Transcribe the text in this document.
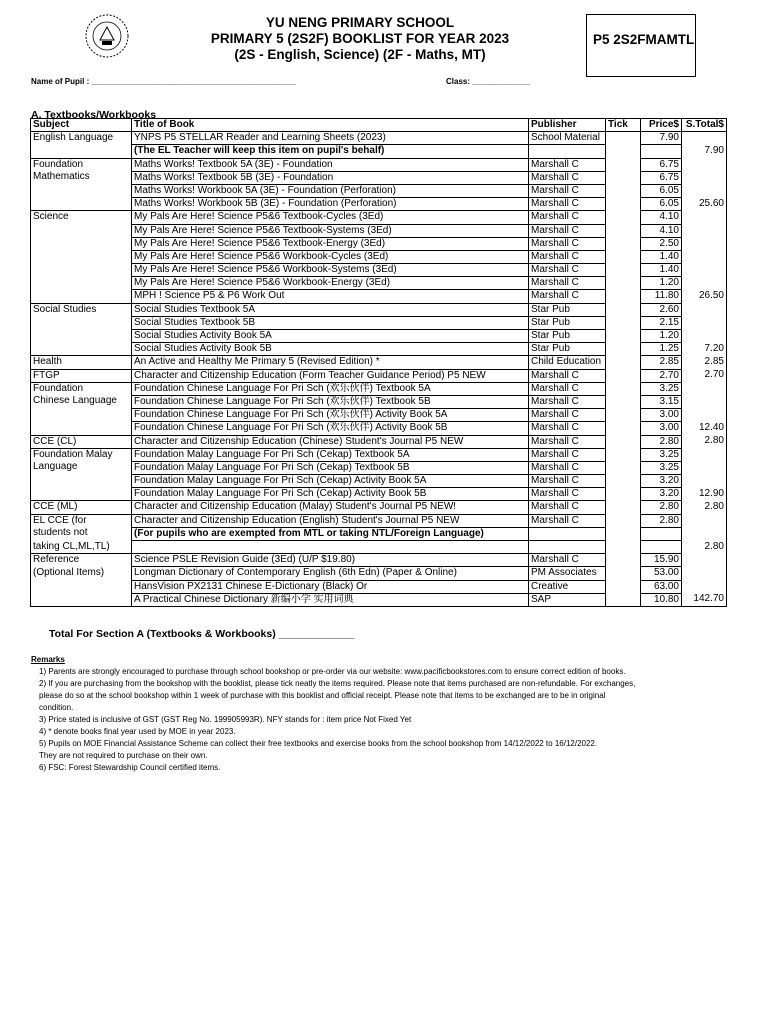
YU NENG PRIMARY SCHOOL
PRIMARY 5 (2S2F) BOOKLIST FOR YEAR 2023
(2S - English, Science) (2F - Maths, MT)
P5 2S2FMAMTL
Name of Pupil : ______________________________________________	Class: _____________
A. Textbooks/Workbooks
Subject	Title of Book	Publisher	Tick	Price$	S.Total$
English Language	YNPS P5 STELLAR Reader and Learning Sheets (2023)	School Material		7.90	
	(The EL Teacher will keep this item on pupil's behalf)				7.90
Foundation	Maths Works! Textbook 5A (3E) - Foundation	Marshall C		6.75	
Mathematics	Maths Works! Textbook 5B (3E) - Foundation	Marshall C		6.75	
	Maths Works! Workbook 5A (3E) - Foundation (Perforation)	Marshall C		6.05	
	Maths Works! Workbook 5B (3E) - Foundation (Perforation)	Marshall C		6.05	25.60
Science	My Pals Are Here! Science P5&6 Textbook-Cycles (3Ed)	Marshall C		4.10	
	My Pals Are Here! Science P5&6 Textbook-Systems (3Ed)	Marshall C		4.10	
	My Pals Are Here! Science P5&6 Textbook-Energy (3Ed)	Marshall C		2.50	
	My Pals Are Here! Science P5&6 Workbook-Cycles (3Ed)	Marshall C		1.40	
	My Pals Are Here! Science P5&6 Workbook-Systems (3Ed)	Marshall C		1.40	
	My Pals Are Here! Science P5&6 Workbook-Energy (3Ed)	Marshall C		1.20	
	MPH ! Science P5 & P6 Work Out	Marshall C		11.80	26.50
Social Studies	Social Studies Textbook 5A	Star Pub		2.60	
	Social Studies Textbook 5B	Star Pub		2.15	
	Social Studies Activity Book 5A	Star Pub		1.20	
	Social Studies Activity Book 5B	Star Pub		1.25	7.20
Health	An Active and Healthy Me Primary 5 (Revised Edition) *	Child Education		2.85	2.85
FTGP	Character and Citizenship Education (Form Teacher Guidance Period) P5 NEW	Marshall C		2.70	2.70
Foundation	Foundation Chinese Language For Pri Sch (欢乐伙伴) Textbook 5A	Marshall C		3.25	
Chinese Language	Foundation Chinese Language For Pri Sch (欢乐伙伴) Textbook 5B	Marshall C		3.15	
	Foundation Chinese Language For Pri Sch (欢乐伙伴) Activity Book 5A	Marshall C		3.00	
	Foundation Chinese Language For Pri Sch (欢乐伙伴) Activity Book 5B	Marshall C		3.00	12.40
CCE (CL)	Character and Citizenship Education (Chinese) Student's Journal P5 NEW	Marshall C		2.80	2.80
Foundation Malay	Foundation Malay Language For Pri Sch (Cekap) Textbook 5A	Marshall C		3.25	
Language	Foundation Malay Language For Pri Sch (Cekap) Textbook 5B	Marshall C		3.25	
	Foundation Malay Language For Pri Sch (Cekap) Activity Book 5A	Marshall C		3.20	
	Foundation Malay Language For Pri Sch (Cekap) Activity Book 5B	Marshall C		3.20	12.90
CCE (ML)	Character and Citizenship Education (Malay) Student's Journal P5 NEW!	Marshall C		2.80	2.80
EL CCE (for	Character and Citizenship Education (English) Student's Journal P5 NEW	Marshall C		2.80	
students not	(For pupils who are exempted from MTL or taking NTL/Foreign Language)				
taking CL,ML,TL)					2.80
Reference	Science PSLE Revision Guide (3Ed) (U/P $19.80)	Marshall C		15.90	
(Optional Items)	Longman Dictionary of Contemporary English (6th Edn) (Paper & Online)	PM Associates		53.00	
	HansVision PX2131 Chinese E-Dictionary (Black) Or	Creative		63.00	
	A Practical Chinese Dictionary 新编小学 实用词典	SAP		10.80	142.70
Total For Section A (Textbooks & Workbooks) _____________
Remarks
1) Parents are strongly encouraged to purchase through school bookshop or pre-order via our website: www.pacificbookstores.com to ensure correct edition of books.
2) If you are purchasing from the bookshop with the booklist, please tick neatly the items required. Please note that items purchased are non-refundable. For exchanges,
please do so at the school bookshop within 1 week of purchase with this booklist and official receipt. Please note that items to be exchanged are to be in original
condition.
3) Price stated is inclusive of GST (GST Reg No. 199905993R). NFY stands for : item price Not Fixed Yet
4) * denote books final year used by MOE in year 2023.
5) Pupils on MOE Financial Assistance Scheme can collect their free textbooks and exercise books from the school bookshop from 14/12/2022 to 16/12/2022.
They are not required to purchase on their own.
6) FSC: Forest Stewardship Council certified items.
